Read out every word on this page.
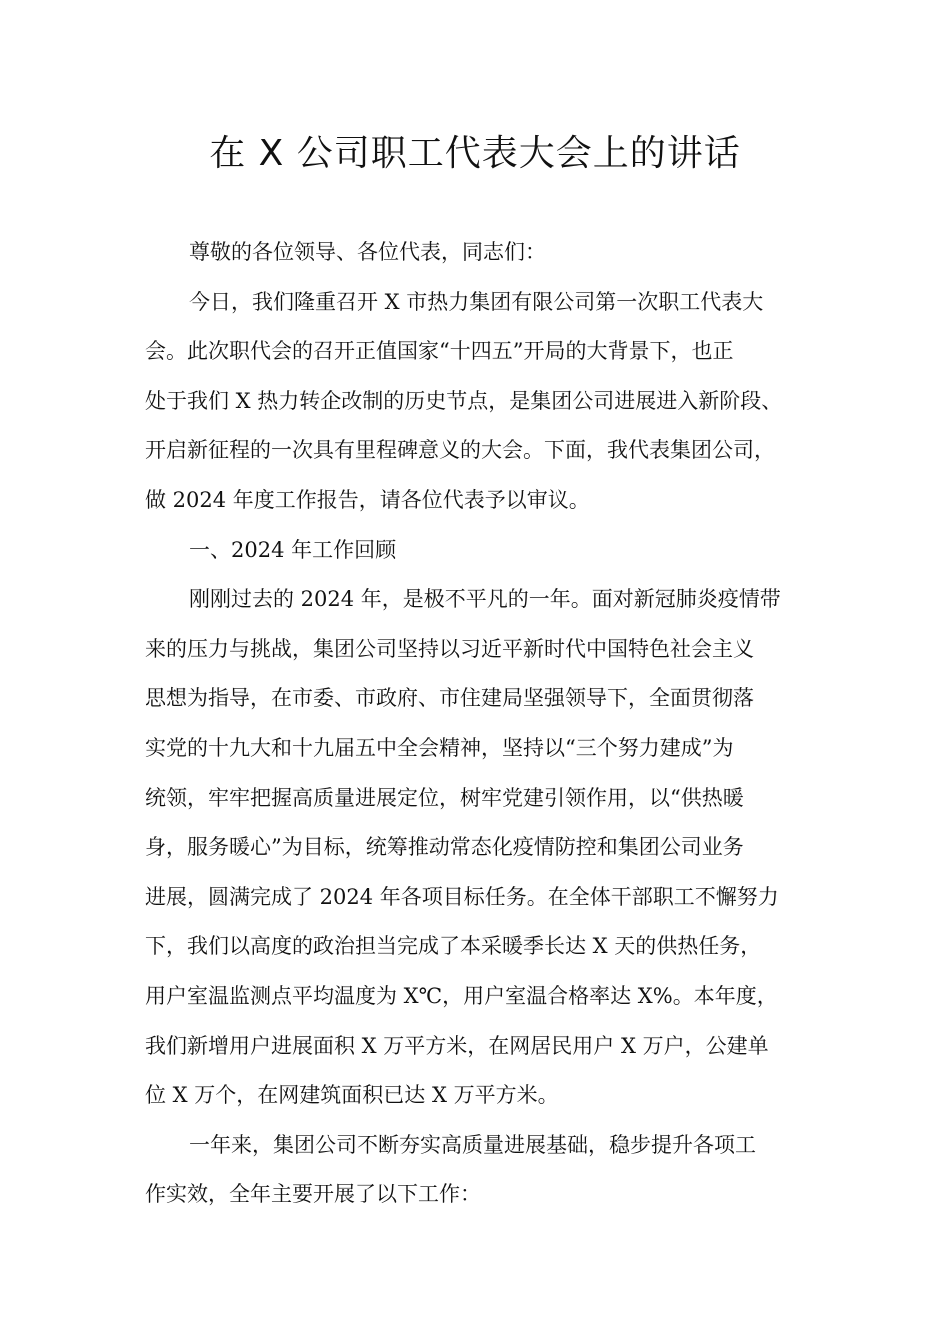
在 X 公司职工代表大会上的讲话
尊敬的各位领导、各位代表，同志们：
今日，我们隆重召开 X 市热力集团有限公司第一次职工代表大
会。此次职代会的召开正值国家“十四五”开局的大背景下，也正
处于我们 X 热力转企改制的历史节点，是集团公司进展进入新阶段、
开启新征程的一次具有里程碑意义的大会。下面，我代表集团公司，
做 2024 年度工作报告，请各位代表予以审议。
一、2024 年工作回顾
刚刚过去的 2024 年，是极不平凡的一年。面对新冠肺炎疫情带
来的压力与挑战，集团公司坚持以习近平新时代中国特色社会主义
思想为指导，在市委、市政府、市住建局坚强领导下，全面贯彻落
实党的十九大和十九届五中全会精神，坚持以“三个努力建成”为
统领，牢牢把握高质量进展定位，树牢党建引领作用，以“供热暖
身，服务暖心”为目标，统筹推动常态化疫情防控和集团公司业务
进展，圆满完成了 2024 年各项目标任务。在全体干部职工不懈努力
下，我们以高度的政治担当完成了本采暖季长达 X 天的供热任务，
用户室温监测点平均温度为 X℃，用户室温合格率达 X%。本年度，
我们新增用户进展面积 X 万平方米，在网居民用户 X 万户，公建单
位 X 万个，在网建筑面积已达 X 万平方米。
一年来，集团公司不断夯实高质量进展基础，稳步提升各项工
作实效，全年主要开展了以下工作：
